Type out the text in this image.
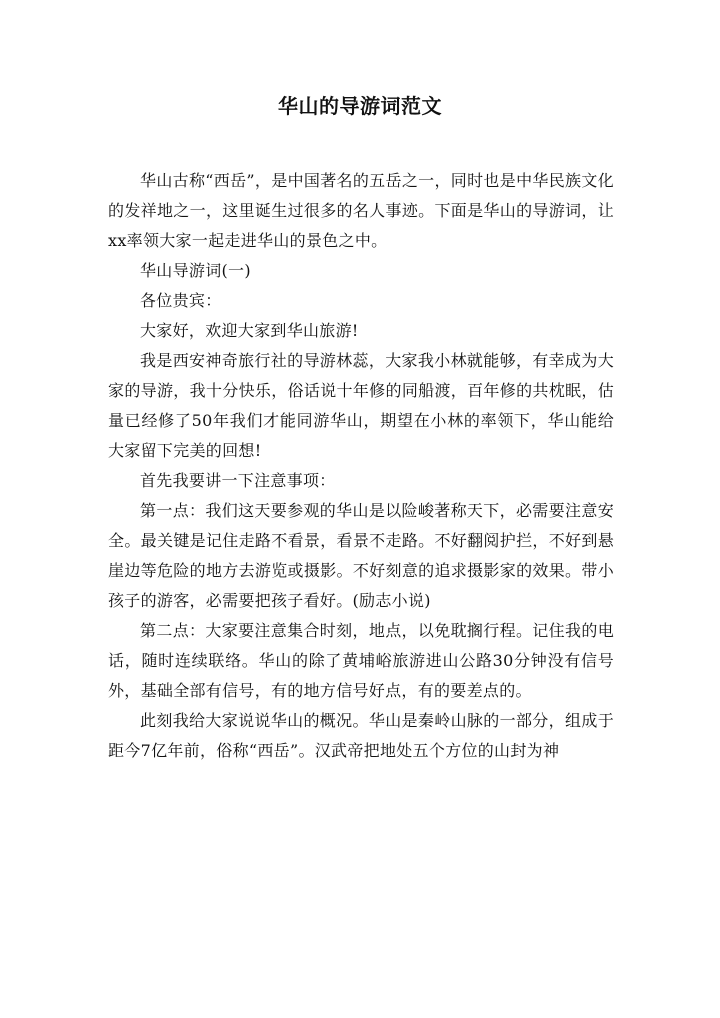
华山的导游词范文

华山古称“西岳”，是中国著名的五岳之一，同时也是中华民族文化的发祥地之一，这里诞生过很多的名人事迹。下面是华山的导游词，让xx率领大家一起走进华山的景色之中。

华山导游词(一)

各位贵宾：

大家好，欢迎大家到华山旅游!

我是西安神奇旅行社的导游林蕊，大家我小林就能够，有幸成为大家的导游，我十分快乐，俗话说十年修的同船渡，百年修的共枕眠，估量已经修了50年我们才能同游华山，期望在小林的率领下，华山能给大家留下完美的回想!

首先我要讲一下注意事项：

第一点：我们这天要参观的华山是以险峻著称天下，必需要注意安全。最关键是记住走路不看景，看景不走路。不好翻阅护拦，不好到悬崖边等危险的地方去游览或摄影。不好刻意的追求摄影家的效果。带小孩子的游客，必需要把孩子看好。(励志小说)

第二点：大家要注意集合时刻，地点，以免耽搁行程。记住我的电话，随时连续联络。华山的除了黄埔峪旅游进山公路30分钟没有信号外，基础全部有信号，有的地方信号好点，有的要差点的。

此刻我给大家说说华山的概况。华山是秦岭山脉的一部分，组成于距今7亿年前，俗称“西岳”。汉武帝把地处五个方位的山封为神
